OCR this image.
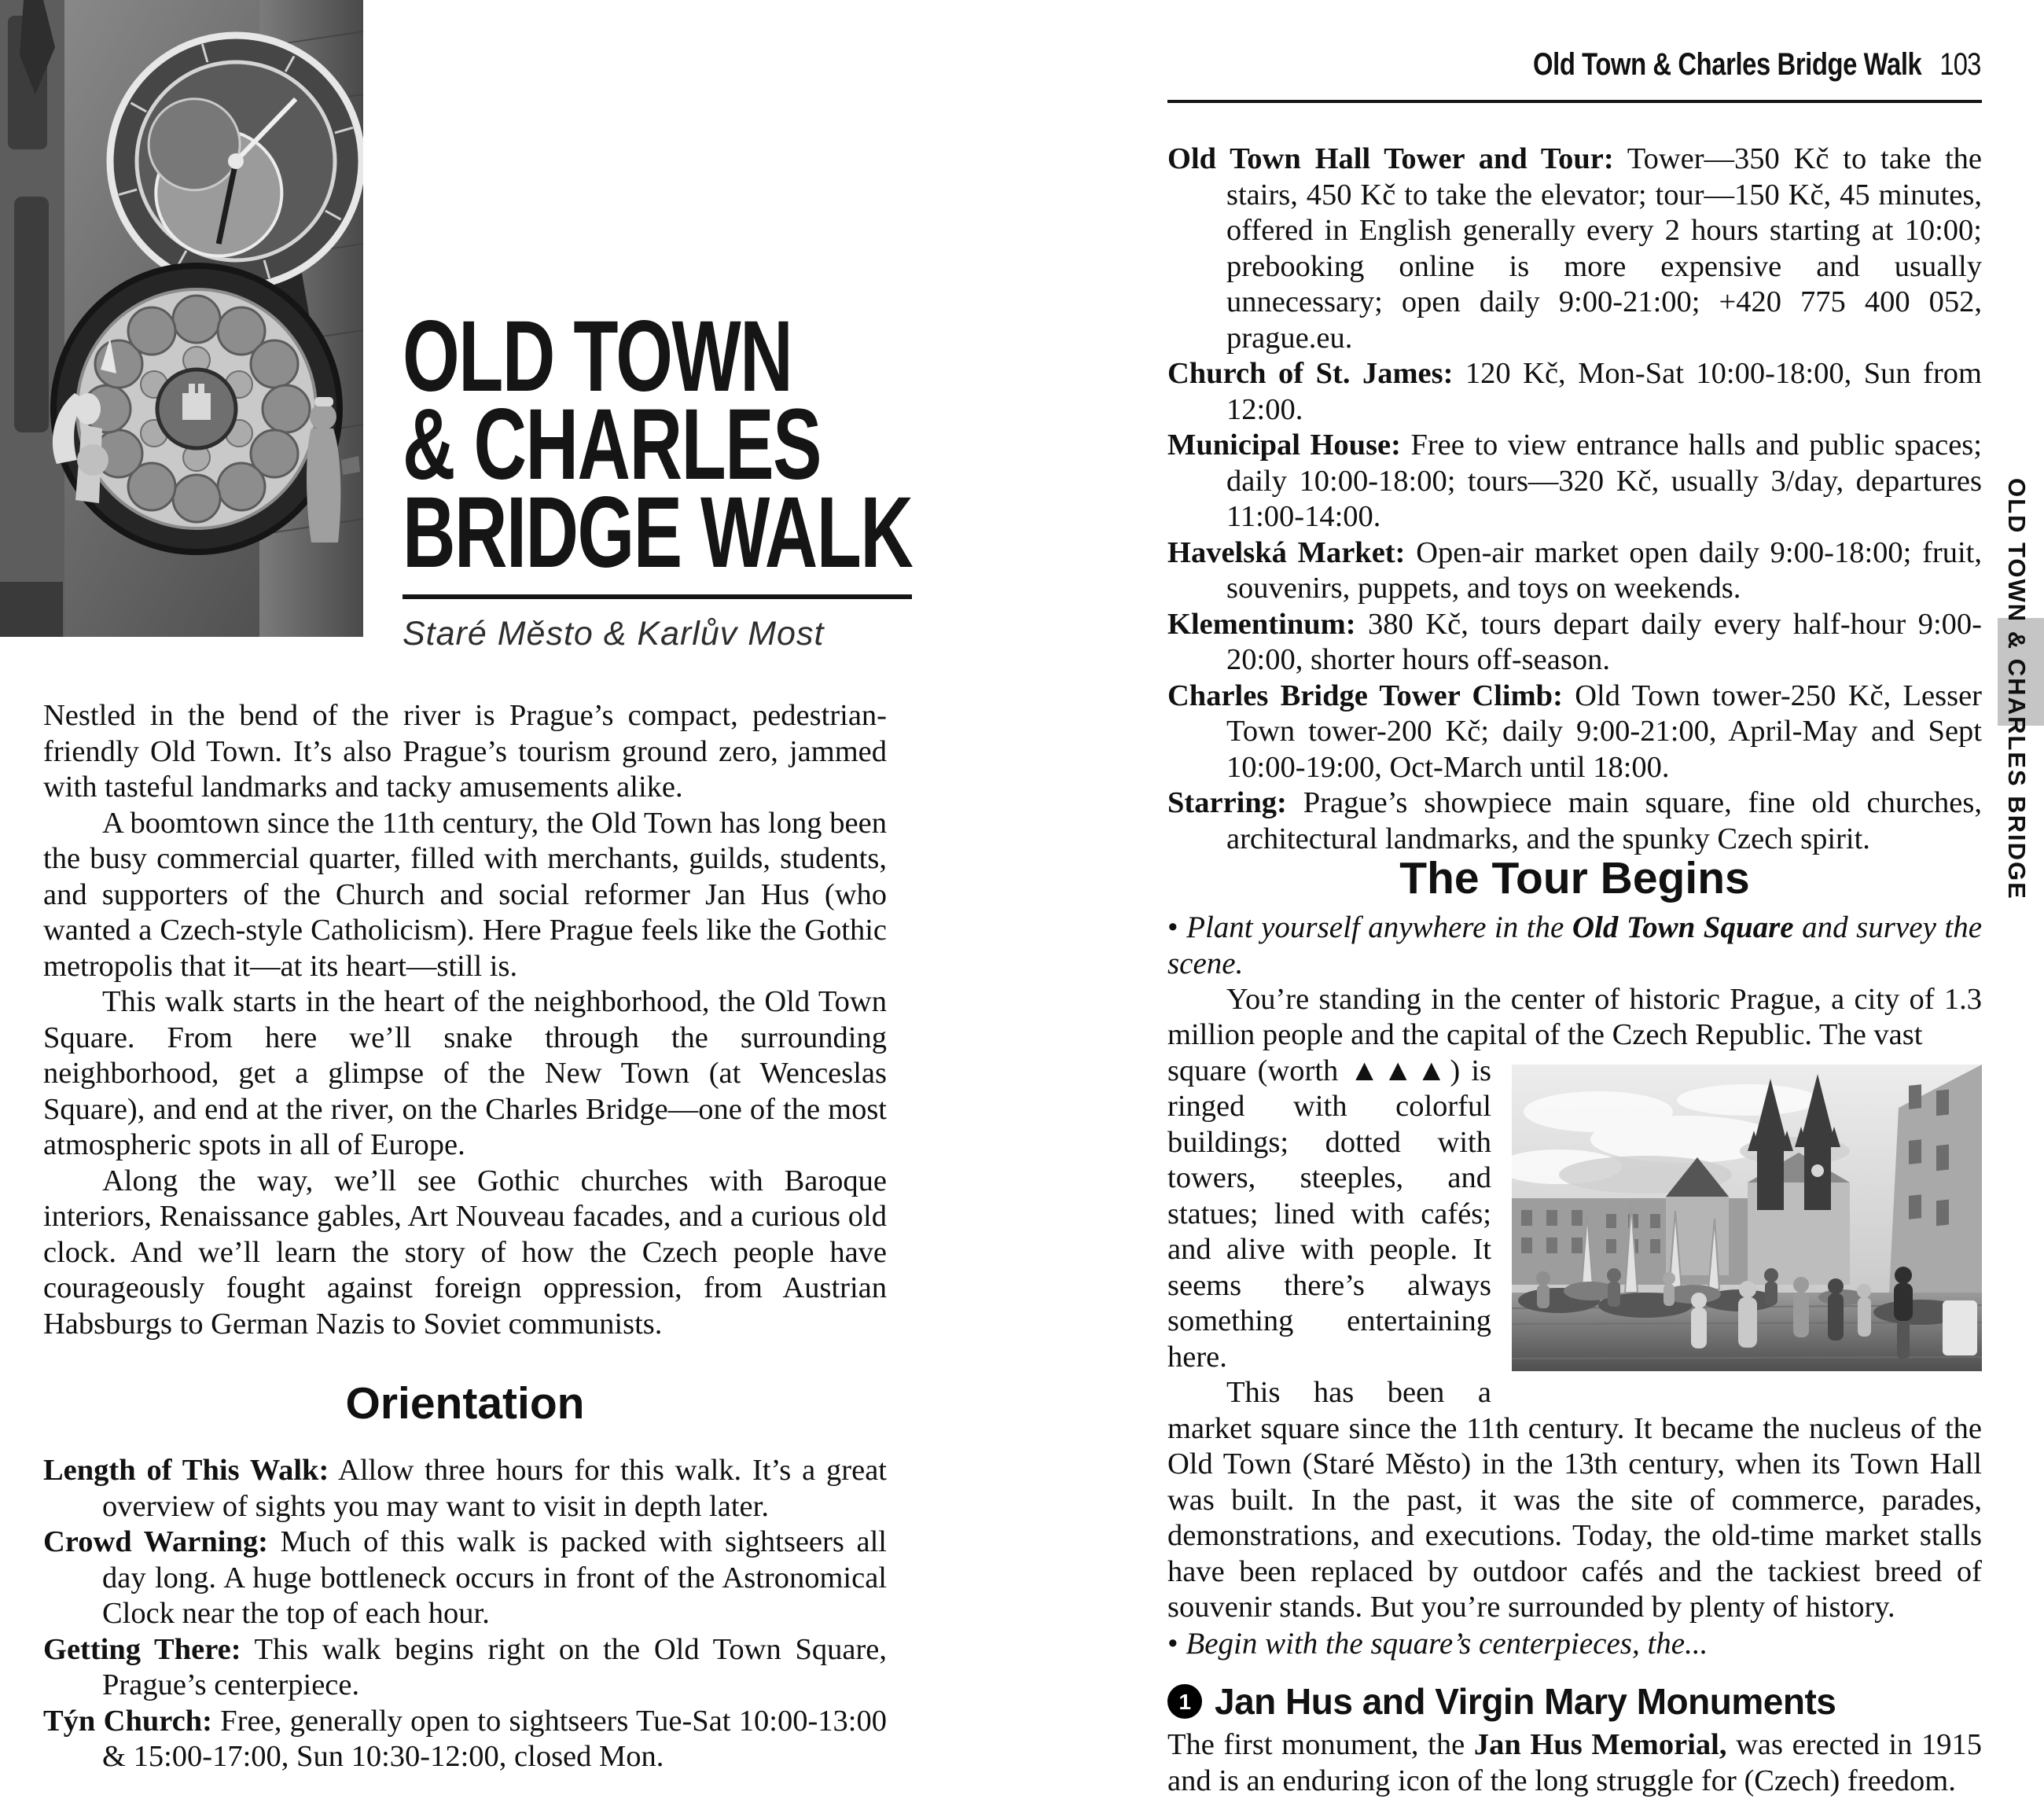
OLD TOWN
& CHARLES
BRIDGE WALK
Staré Město & Karlův Most

Nestled in the bend of the river is Prague’s compact, pedestrian-friendly Old Town. It’s also Prague’s tourism ground zero, jammed with tasteful landmarks and tacky amusements alike.

A boomtown since the 11th century, the Old Town has long been the busy commercial quarter, filled with merchants, guilds, students, and supporters of the Church and social reformer Jan Hus (who wanted a Czech-style Catholicism). Here Prague feels like the Gothic metropolis that it—at its heart—still is.

This walk starts in the heart of the neighborhood, the Old Town Square. From here we’ll snake through the surrounding neighborhood, get a glimpse of the New Town (at Wenceslas Square), and end at the river, on the Charles Bridge—one of the most atmospheric spots in all of Europe.

Along the way, we’ll see Gothic churches with Baroque interiors, Renaissance gables, Art Nouveau facades, and a curious old clock. And we’ll learn the story of how the Czech people have courageously fought against foreign oppression, from Austrian Habsburgs to German Nazis to Soviet communists.

Orientation

Length of This Walk: Allow three hours for this walk. It’s a great overview of sights you may want to visit in depth later.

Crowd Warning: Much of this walk is packed with sightseers all day long. A huge bottleneck occurs in front of the Astronomical Clock near the top of each hour.

Getting There: This walk begins right on the Old Town Square, Prague’s centerpiece.

Týn Church: Free, generally open to sightseers Tue-Sat 10:00-13:00 & 15:00-17:00, Sun 10:30-12:00, closed Mon.

Old Town & Charles Bridge Walk 103

Old Town Hall Tower and Tour: Tower—350 Kč to take the stairs, 450 Kč to take the elevator; tour—150 Kč, 45 minutes, offered in English generally every 2 hours starting at 10:00; prebooking online is more expensive and usually unnecessary; open daily 9:00-21:00; +420 775 400 052, prague.eu.

Church of St. James: 120 Kč, Mon-Sat 10:00-18:00, Sun from 12:00.

Municipal House: Free to view entrance halls and public spaces; daily 10:00-18:00; tours—320 Kč, usually 3/day, departures 11:00-14:00.

Havelská Market: Open-air market open daily 9:00-18:00; fruit, souvenirs, puppets, and toys on weekends.

Klementinum: 380 Kč, tours depart daily every half-hour 9:00-20:00, shorter hours off-season.

Charles Bridge Tower Climb: Old Town tower-250 Kč, Lesser Town tower-200 Kč; daily 9:00-21:00, April-May and Sept 10:00-19:00, Oct-March until 18:00.

Starring: Prague’s showpiece main square, fine old churches, architectural landmarks, and the spunky Czech spirit.

The Tour Begins

• Plant yourself anywhere in the Old Town Square and survey the scene.

You’re standing in the center of historic Prague, a city of 1.3 million people and the capital of the Czech Republic. The vast

square (worth ▲▲▲) is ringed with colorful buildings; dotted with towers, steeples, and statues; lined with cafés; and alive with people. It seems there’s always something entertaining here.

This has been a market square since the 11th century. It became the nucleus of the Old Town (Staré Město) in the 13th century, when its Town Hall was built. In the past, it was the site of commerce, parades, demonstrations, and executions. Today, the old-time market stalls have been replaced by outdoor cafés and the tackiest breed of souvenir stands. But you’re surrounded by plenty of history.

• Begin with the square’s centerpieces, the...

1 Jan Hus and Virgin Mary Monuments

The first monument, the Jan Hus Memorial, was erected in 1915 and is an enduring icon of the long struggle for (Czech) freedom.

OLD TOWN & CHARLES BRIDGE
